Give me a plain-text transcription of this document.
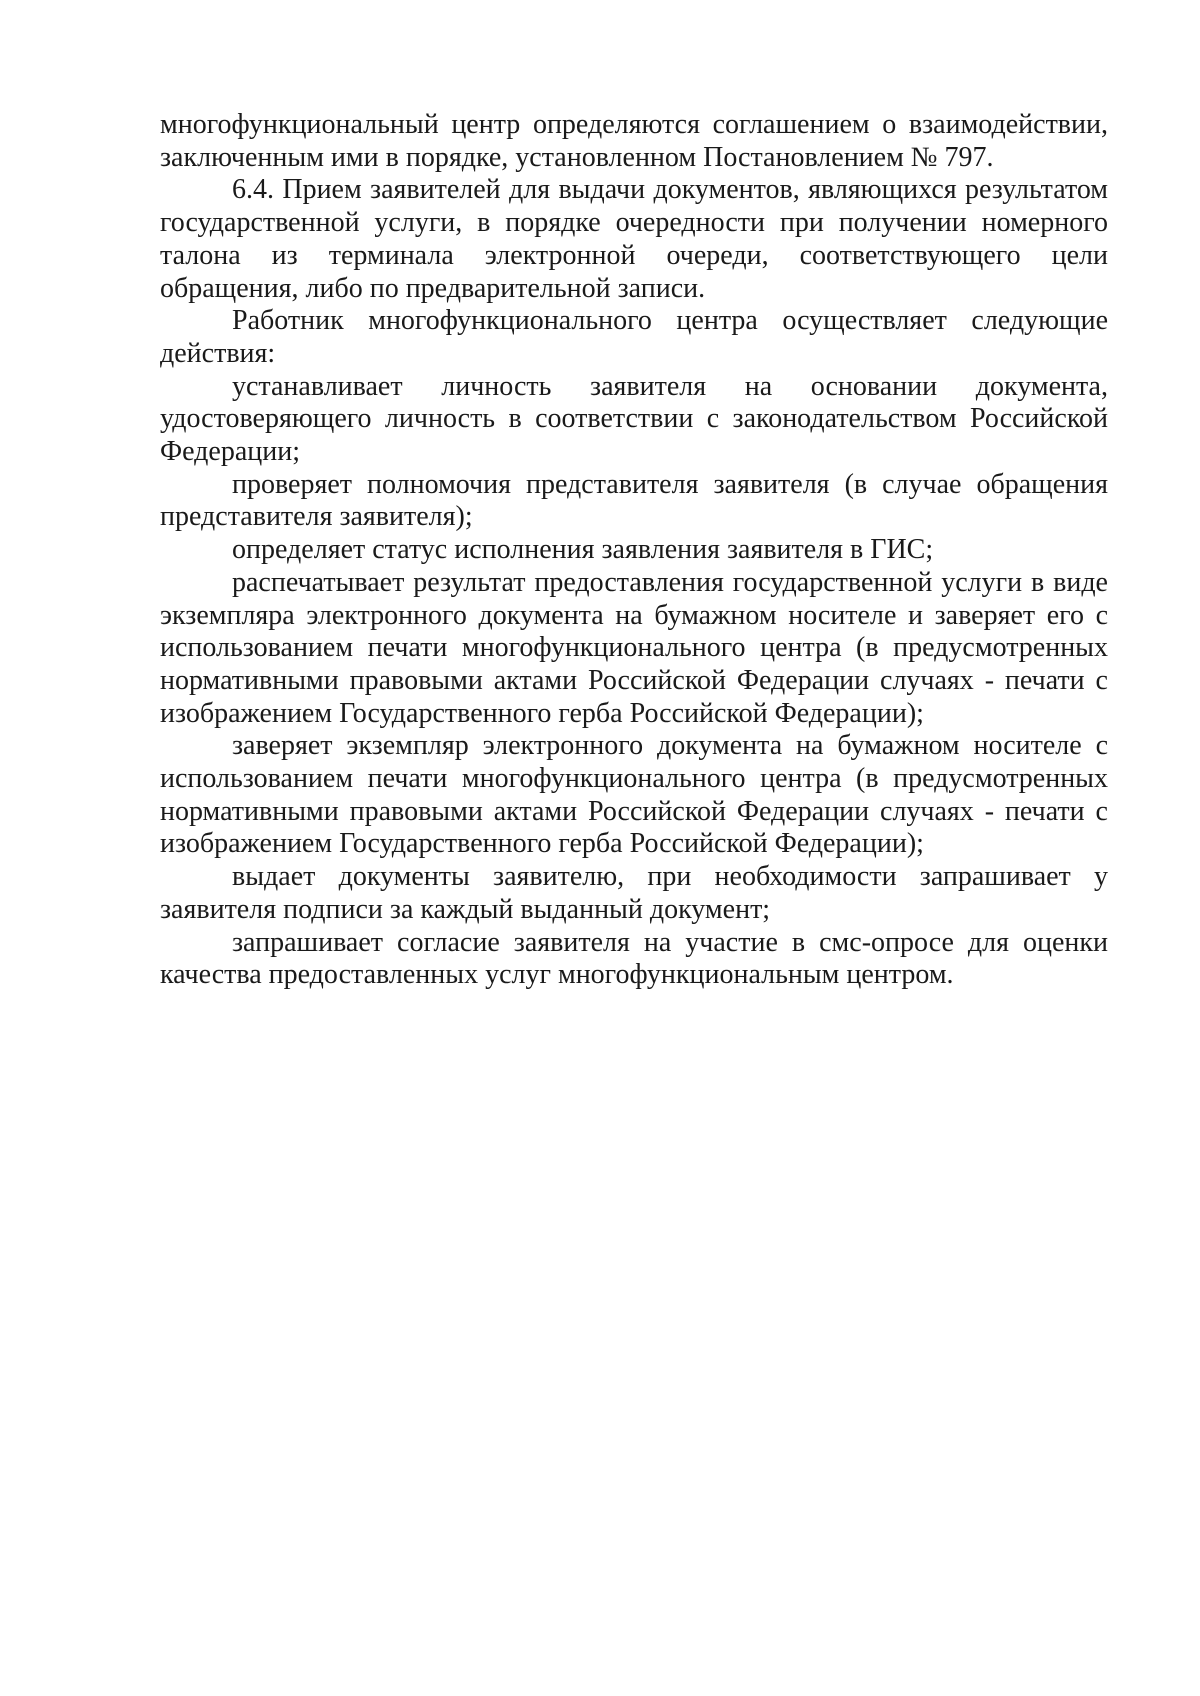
многофункциональный центр определяются соглашением о взаимодействии, заключенным ими в порядке, установленном Постановлением № 797.

6.4. Прием заявителей для выдачи документов, являющихся результатом государственной услуги, в порядке очередности при получении номерного талона из терминала электронной очереди, соответствующего цели обращения, либо по предварительной записи.

Работник многофункционального центра осуществляет следующие действия:

устанавливает личность заявителя на основании документа, удостоверяющего личность в соответствии с законодательством Российской Федерации;

проверяет полномочия представителя заявителя (в случае обращения представителя заявителя);

определяет статус исполнения заявления заявителя в ГИС;

распечатывает результат предоставления государственной услуги в виде экземпляра электронного документа на бумажном носителе и заверяет его с использованием печати многофункционального центра (в предусмотренных нормативными правовыми актами Российской Федерации случаях - печати с изображением Государственного герба Российской Федерации);

заверяет экземпляр электронного документа на бумажном носителе с использованием печати многофункционального центра (в предусмотренных нормативными правовыми актами Российской Федерации случаях - печати с изображением Государственного герба Российской Федерации);

выдает документы заявителю, при необходимости запрашивает у заявителя подписи за каждый выданный документ;

запрашивает согласие заявителя на участие в смс-опросе для оценки качества предоставленных услуг многофункциональным центром.
